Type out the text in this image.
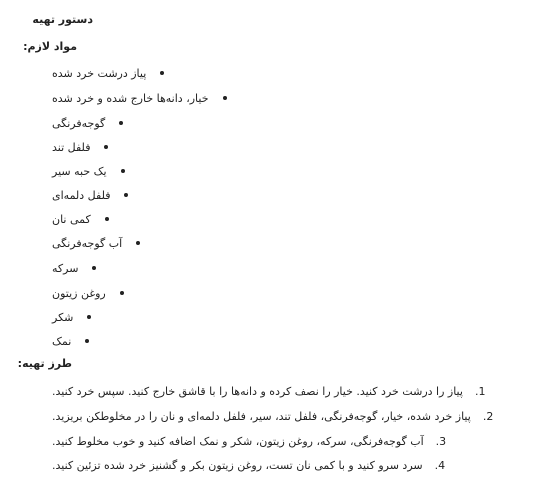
دستور تهیه
مواد لازم:
پیاز درشت خرد شده
خیار، دانه‌ها خارج شده و خرد شده
گوجه‌فرنگی
فلفل تند
یک حبه سیر
فلفل دلمه‌ای
کمی نان
آب گوجه‌فرنگی
سرکه
روغن زیتون
شکر
نمک
طرز تهیه:
پیاز را درشت خرد کنید. خیار را نصف کرده و دانه‌ها را با قاشق خارج کنید. سپس خرد کنید. .1
پیاز خرد شده، خیار، گوجه‌فرنگی، فلفل تند، سیر، فلفل دلمه‌ای و نان را در مخلوطکن بریزید. .2
آب گوجه‌فرنگی، سرکه، روغن زیتون، شکر و نمک اضافه کنید و خوب مخلوط کنید. .3
سرد سرو کنید و با کمی نان تست، روغن زیتون بکر و گشنیز خرد شده تزئین کنید. .4
